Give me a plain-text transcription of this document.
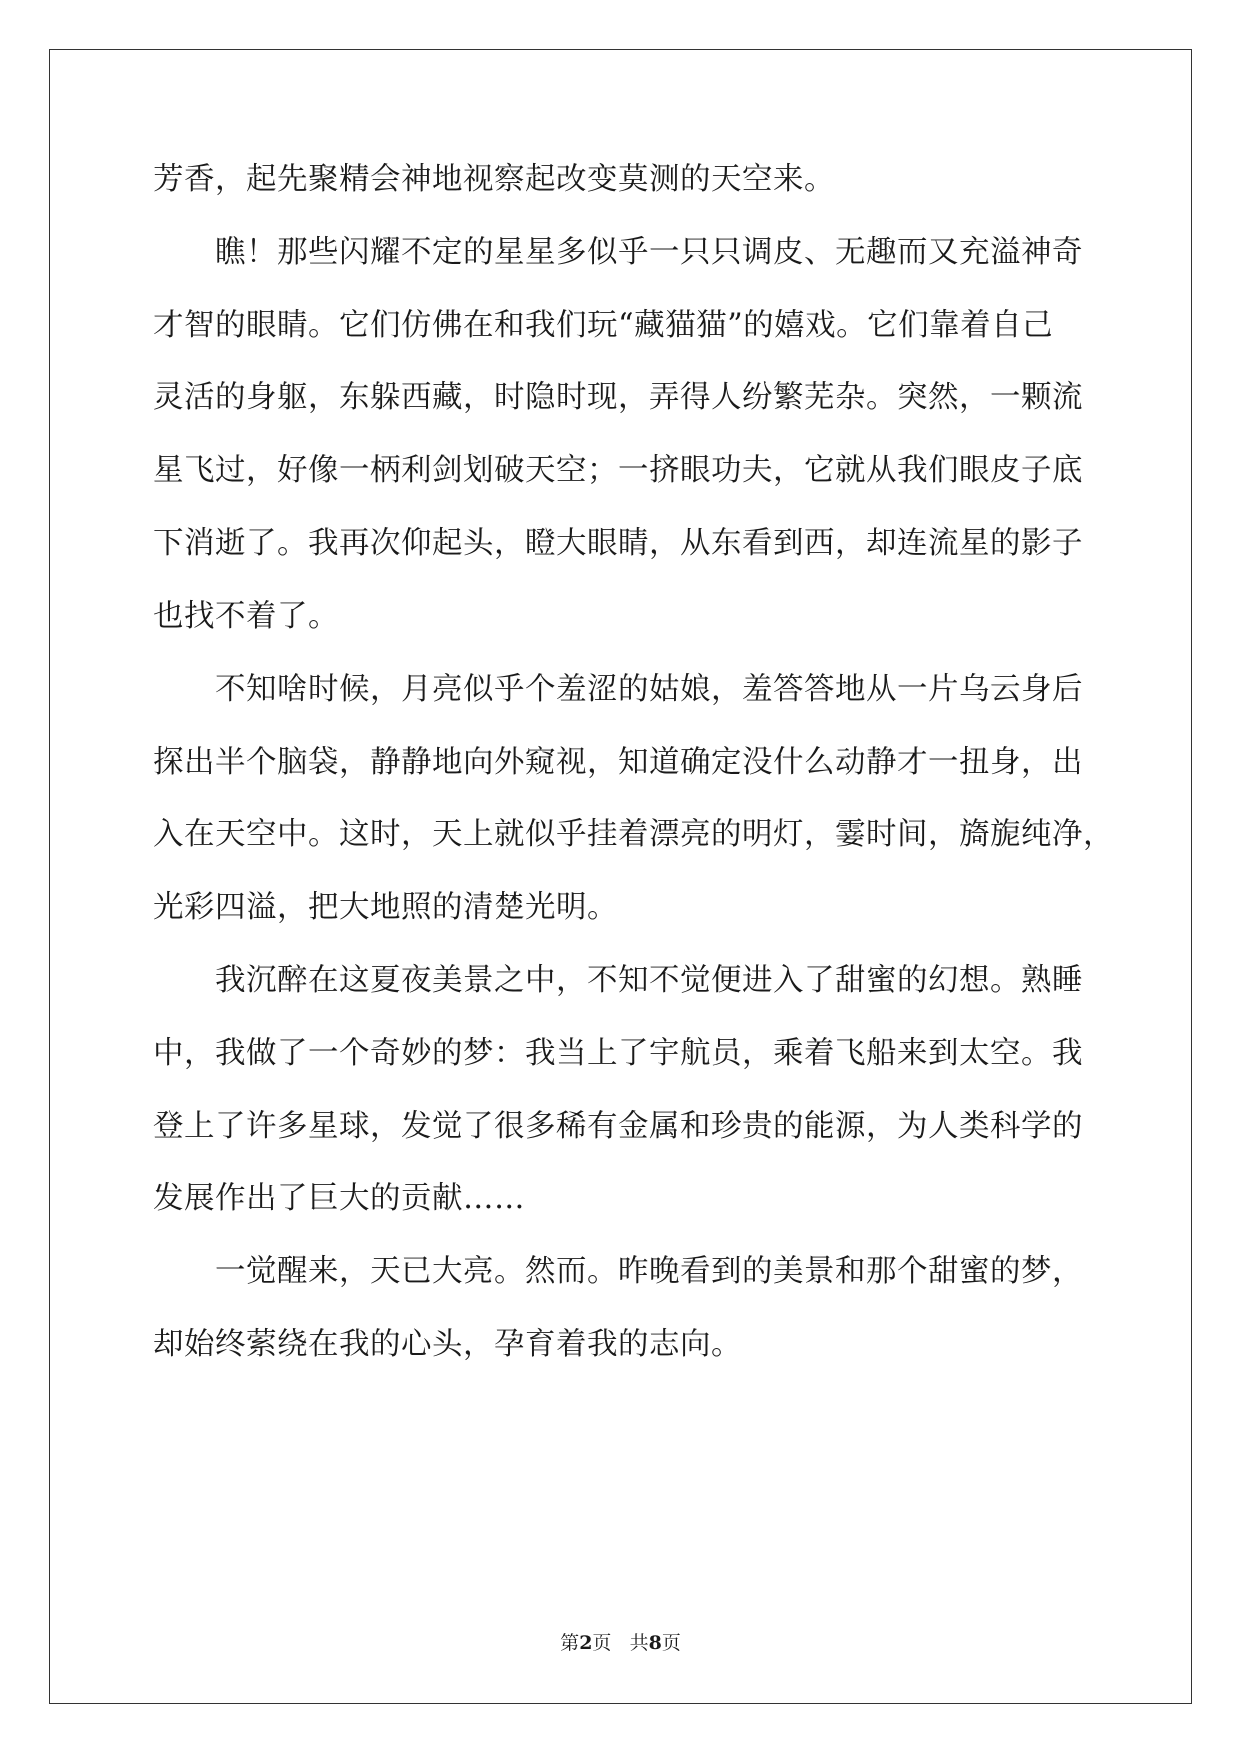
芳香，起先聚精会神地视察起改变莫测的天空来。
瞧！那些闪耀不定的星星多似乎一只只调皮、无趣而又充溢神奇
才智的眼睛。它们仿佛在和我们玩“藏猫猫”的嬉戏。它们靠着自己
灵活的身躯，东躲西藏，时隐时现，弄得人纷繁芜杂。突然，一颗流
星飞过，好像一柄利剑划破天空；一挤眼功夫，它就从我们眼皮子底
下消逝了。我再次仰起头，瞪大眼睛，从东看到西，却连流星的影子
也找不着了。
不知啥时候，月亮似乎个羞涩的姑娘，羞答答地从一片乌云身后
探出半个脑袋，静静地向外窥视，知道确定没什么动静才一扭身，出
入在天空中。这时，天上就似乎挂着漂亮的明灯，霎时间，旖旎纯净，
光彩四溢，把大地照的清楚光明。
我沉醉在这夏夜美景之中，不知不觉便进入了甜蜜的幻想。熟睡
中，我做了一个奇妙的梦：我当上了宇航员，乘着飞船来到太空。我
登上了许多星球，发觉了很多稀有金属和珍贵的能源，为人类科学的
发展作出了巨大的贡献……
一觉醒来，天已大亮。然而。昨晚看到的美景和那个甜蜜的梦，
却始终萦绕在我的心头，孕育着我的志向。
第2页 共8页
